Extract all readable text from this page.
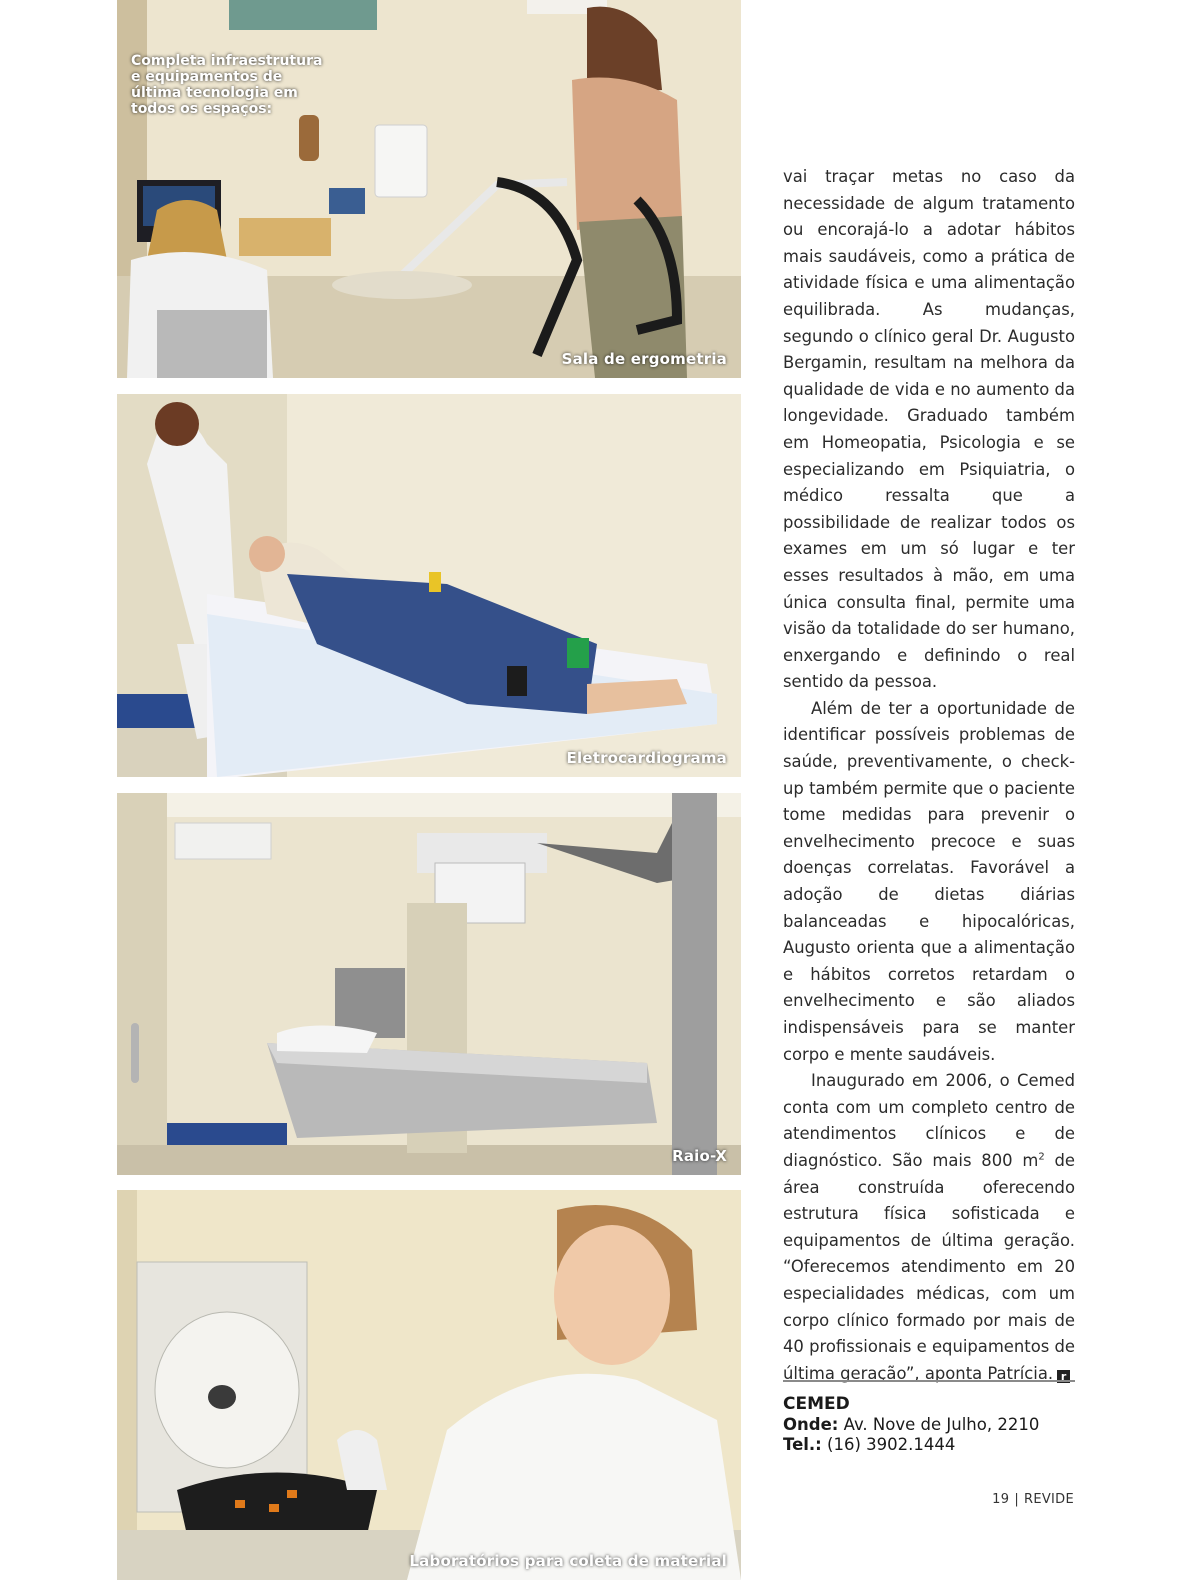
Completa infraestrutura e equipamentos de última tecnologia em todos os espaços:
Sala de ergometria
Eletrocardiograma
Raio-X
Laboratórios para coleta de material

vai traçar metas no caso da necessidade de algum tratamento ou encorajá-lo a adotar hábitos mais saudáveis, como a prática de atividade física e uma alimentação equilibrada. As mudanças, segundo o clínico geral Dr. Augusto Bergamin, resultam na melhora da qualidade de vida e no aumento da longevidade. Graduado também em Homeopatia, Psicologia e se especializando em Psiquiatria, o médico ressalta que a possibilidade de realizar todos os exames em um só lugar e ter esses resultados à mão, em uma única consulta final, permite uma visão da totalidade do ser humano, enxergando e definindo o real sentido da pessoa.

Além de ter a oportunidade de identificar possíveis problemas de saúde, preventivamente, o check-up também permite que o paciente tome medidas para prevenir o envelhecimento precoce e suas doenças correlatas. Favorável a adoção de dietas diárias balanceadas e hipocalóricas, Augusto orienta que a alimentação e hábitos corretos retardam o envelhecimento e são aliados indispensáveis para se manter corpo e mente saudáveis.

Inaugurado em 2006, o Cemed conta com um completo centro de atendimentos clínicos e de diagnóstico. São mais 800 $m^2$ de área construída oferecendo estrutura física sofisticada e equipamentos de última geração. “Oferecemos atendimento em 20 especialidades médicas, com um corpo clínico formado por mais de 40 profissionais e equipamentos de última geração”, aponta Patrícia. r

CEMED
Onde: Av. Nove de Julho, 2210
Tel.: (16) 3902.1444
19 | REVIDE
